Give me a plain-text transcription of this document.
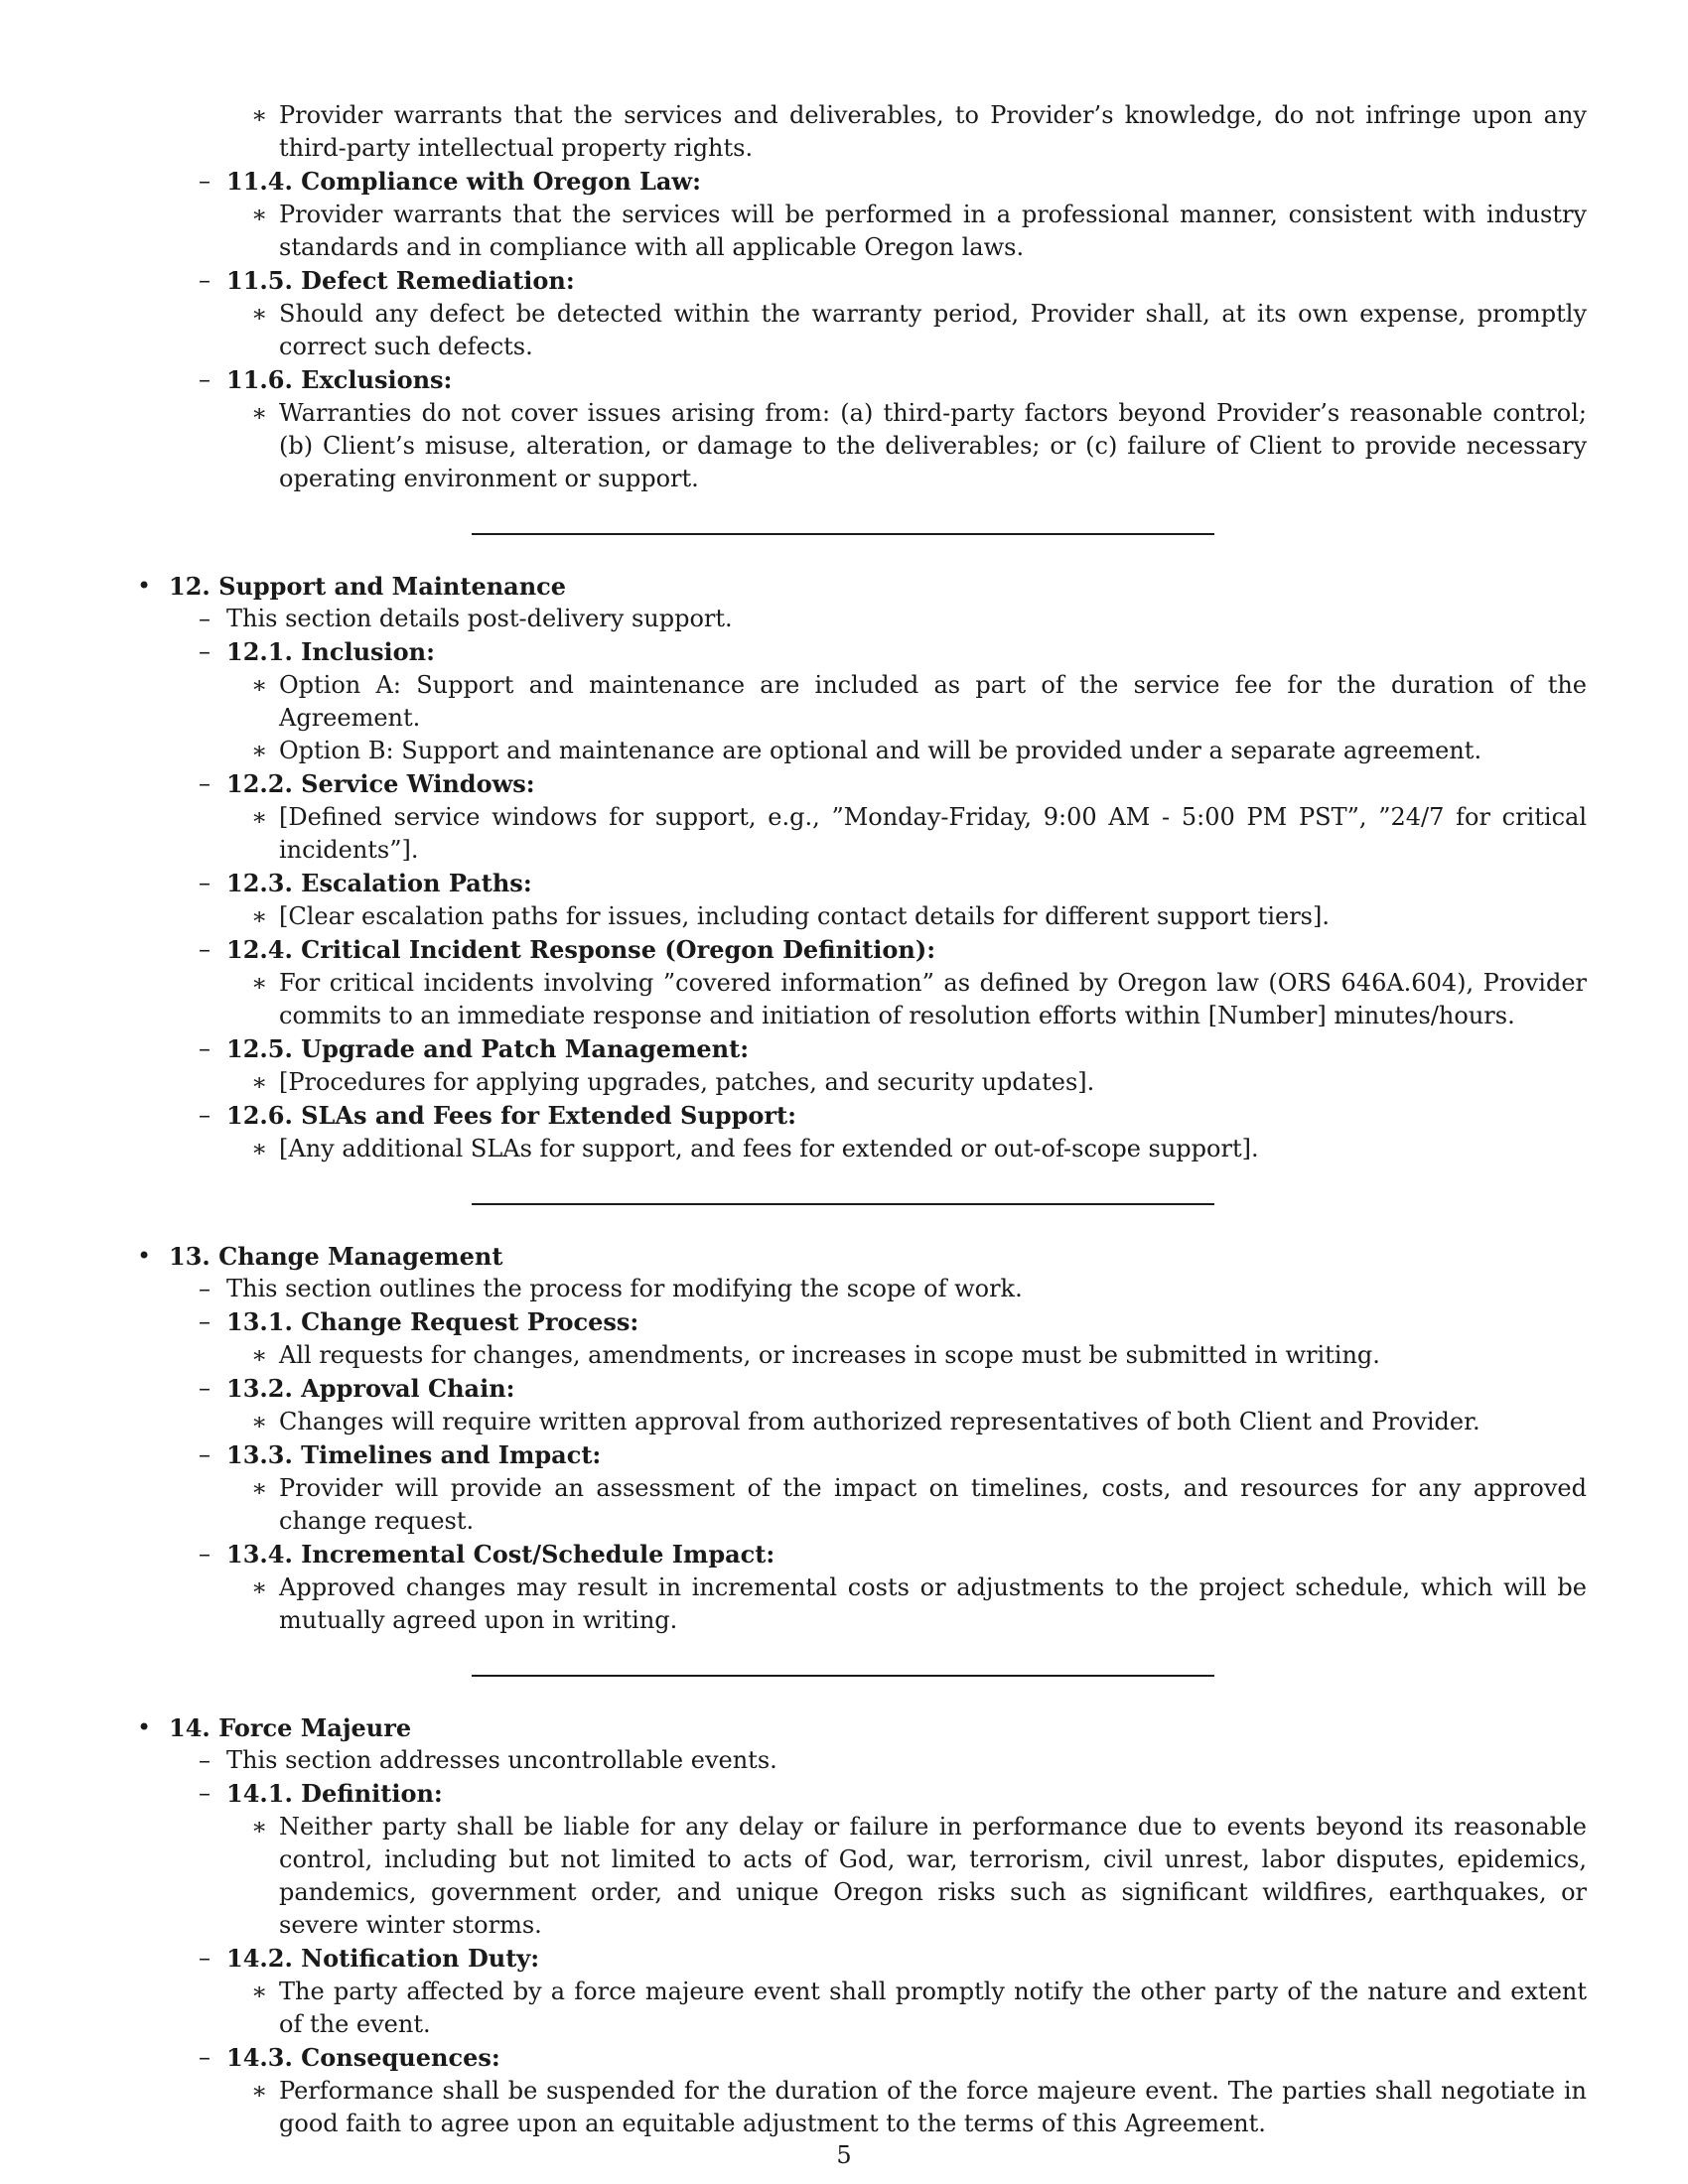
∗ Provider warrants that the services and deliverables, to Provider’s knowledge, do not infringe upon any third-party intellectual property rights.
– 11.4. Compliance with Oregon Law:
∗ Provider warrants that the services will be performed in a professional manner, consistent with industry standards and in compliance with all applicable Oregon laws.
– 11.5. Defect Remediation:
∗ Should any defect be detected within the warranty period, Provider shall, at its own expense, promptly correct such defects.
– 11.6. Exclusions:
∗ Warranties do not cover issues arising from: (a) third-party factors beyond Provider’s reasonable control; (b) Client’s misuse, alteration, or damage to the deliverables; or (c) failure of Client to provide necessary operating environment or support.
• 12. Support and Maintenance
– This section details post-delivery support.
– 12.1. Inclusion:
∗ Option A: Support and maintenance are included as part of the service fee for the duration of the Agreement.
∗ Option B: Support and maintenance are optional and will be provided under a separate agreement.
– 12.2. Service Windows:
∗ [Defined service windows for support, e.g., ”Monday-Friday, 9:00 AM - 5:00 PM PST”, ”24/7 for critical incidents”].
– 12.3. Escalation Paths:
∗ [Clear escalation paths for issues, including contact details for different support tiers].
– 12.4. Critical Incident Response (Oregon Definition):
∗ For critical incidents involving ”covered information” as defined by Oregon law (ORS 646A.604), Provider commits to an immediate response and initiation of resolution efforts within [Number] minutes/hours.
– 12.5. Upgrade and Patch Management:
∗ [Procedures for applying upgrades, patches, and security updates].
– 12.6. SLAs and Fees for Extended Support:
∗ [Any additional SLAs for support, and fees for extended or out-of-scope support].
• 13. Change Management
– This section outlines the process for modifying the scope of work.
– 13.1. Change Request Process:
∗ All requests for changes, amendments, or increases in scope must be submitted in writing.
– 13.2. Approval Chain:
∗ Changes will require written approval from authorized representatives of both Client and Provider.
– 13.3. Timelines and Impact:
∗ Provider will provide an assessment of the impact on timelines, costs, and resources for any approved change request.
– 13.4. Incremental Cost/Schedule Impact:
∗ Approved changes may result in incremental costs or adjustments to the project schedule, which will be mutually agreed upon in writing.
• 14. Force Majeure
– This section addresses uncontrollable events.
– 14.1. Definition:
∗ Neither party shall be liable for any delay or failure in performance due to events beyond its reasonable control, including but not limited to acts of God, war, terrorism, civil unrest, labor disputes, epidemics, pandemics, government order, and unique Oregon risks such as significant wildfires, earthquakes, or severe winter storms.
– 14.2. Notification Duty:
∗ The party affected by a force majeure event shall promptly notify the other party of the nature and extent of the event.
– 14.3. Consequences:
∗ Performance shall be suspended for the duration of the force majeure event. The parties shall negotiate in good faith to agree upon an equitable adjustment to the terms of this Agreement.
5
